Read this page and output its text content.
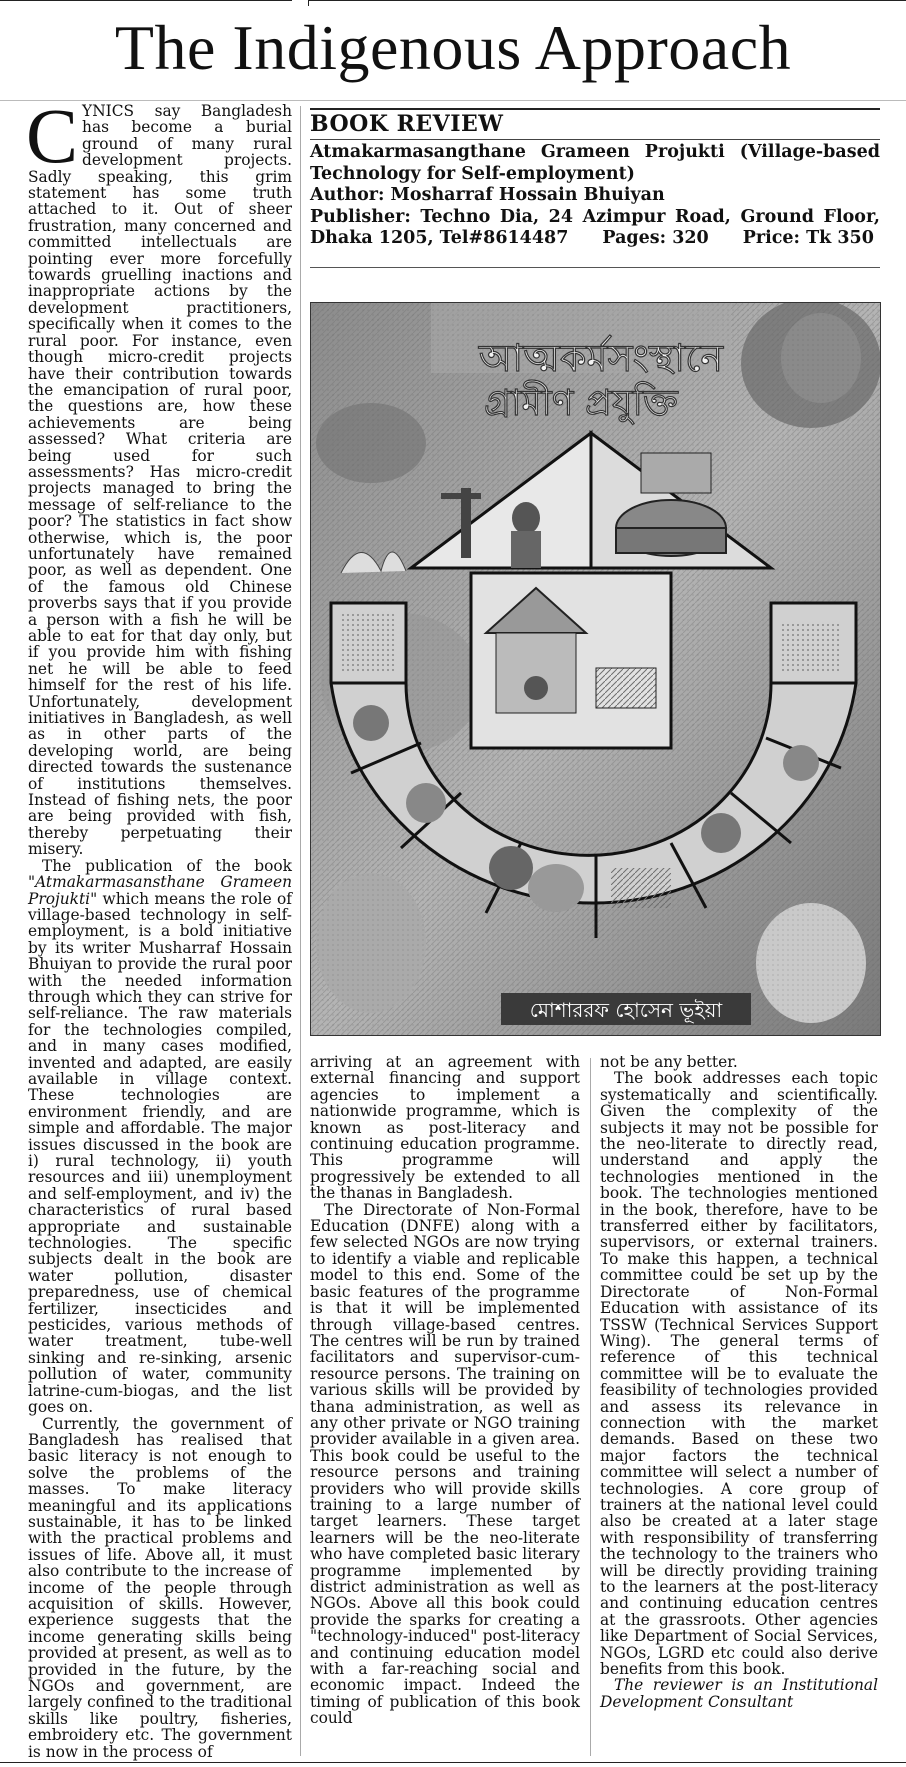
The Indigenous Approach

CYNICS say Bangladesh has become a burial ground of many rural development projects. Sadly speaking, this grim statement has some truth attached to it. Out of sheer frustration, many concerned and committed intellectuals are pointing ever more forcefully towards gruelling inactions and inappropriate actions by the development practitioners, specifically when it comes to the rural poor. For instance, even though micro-credit projects have their contribution towards the emancipation of rural poor, the questions are, how these achievements are being assessed? What criteria are being used for such assessments? Has micro-credit projects managed to bring the message of self-reliance to the poor? The statistics in fact show otherwise, which is, the poor unfortunately have remained poor, as well as dependent. One of the famous old Chinese proverbs says that if you provide a person with a fish he will be able to eat for that day only, but if you provide him with fishing net he will be able to feed himself for the rest of his life. Unfortunately, development initiatives in Bangladesh, as well as in other parts of the developing world, are being directed towards the sustenance of institutions themselves. Instead of fishing nets, the poor are being provided with fish, thereby perpetuating their misery.

The publication of the book "Atmakarmasansthane Grameen Projukti" which means the role of village-based technology in self-employment, is a bold initiative by its writer Musharraf Hossain Bhuiyan to provide the rural poor with the needed information through which they can strive for self-reliance. The raw materials for the technologies compiled, and in many cases modified, invented and adapted, are easily available in village context. These technologies are environment friendly, and are simple and affordable. The major issues discussed in the book are i) rural technology, ii) youth resources and iii) unemployment and self-employment, and iv) the characteristics of rural based appropriate and sustainable technologies. The specific subjects dealt in the book are water pollution, disaster preparedness, use of chemical fertilizer, insecticides and pesticides, various methods of water treatment, tube-well sinking and re-sinking, arsenic pollution of water, community latrine-cum-biogas, and the list goes on.

Currently, the government of Bangladesh has realised that basic literacy is not enough to solve the problems of the masses. To make literacy meaningful and its applications sustainable, it has to be linked with the practical problems and issues of life. Above all, it must also contribute to the increase of income of the people through acquisition of skills. However, experience suggests that the income generating skills being provided at present, as well as to provided in the future, by the NGOs and government, are largely confined to the traditional skills like poultry, fisheries, embroidery etc. The government is now in the process of

BOOK REVIEW
Atmakarmasangthane Grameen Projukti (Village-based Technology for Self-employment)
Author: Mosharraf Hossain Bhuiyan
Publisher: Techno Dia, 24 Azimpur Road, Ground Floor, Dhaka 1205, Tel#8614487 Pages: 320 Price: Tk 350
আত্মকর্মসংস্থানে
গ্রামীণ প্রযুক্তি
মোশাররফ হোসেন ভূইয়া

arriving at an agreement with external financing and support agencies to implement a nationwide programme, which is known as post-literacy and continuing education programme. This programme will progressively be extended to all the thanas in Bangladesh.

The Directorate of Non-Formal Education (DNFE) along with a few selected NGOs are now trying to identify a viable and replicable model to this end. Some of the basic features of the programme is that it will be implemented through village-based centres. The centres will be run by trained facilitators and supervisor-cum-resource persons. The training on various skills will be provided by thana administration, as well as any other private or NGO training provider available in a given area. This book could be useful to the resource persons and training providers who will provide skills training to a large number of target learners. These target learners will be the neo-literate who have completed basic literary programme implemented by district administration as well as NGOs. Above all this book could provide the sparks for creating a "technology-induced" post-literacy and continuing education model with a far-reaching social and economic impact. Indeed the timing of publication of this book could

not be any better.

The book addresses each topic systematically and scientifically. Given the complexity of the subjects it may not be possible for the neo-literate to directly read, understand and apply the technologies mentioned in the book. The technologies mentioned in the book, therefore, have to be transferred either by facilitators, supervisors, or external trainers. To make this happen, a technical committee could be set up by the Directorate of Non-Formal Education with assistance of its TSSW (Technical Services Support Wing). The general terms of reference of this technical committee will be to evaluate the feasibility of technologies provided and assess its relevance in connection with the market demands. Based on these two major factors the technical committee will select a number of technologies. A core group of trainers at the national level could also be created at a later stage with responsibility of transferring the technology to the trainers who will be directly providing training to the learners at the post-literacy and continuing education centres at the grassroots. Other agencies like Department of Social Services, NGOs, LGRD etc could also derive benefits from this book.

The reviewer is an Institutional Development Consultant
